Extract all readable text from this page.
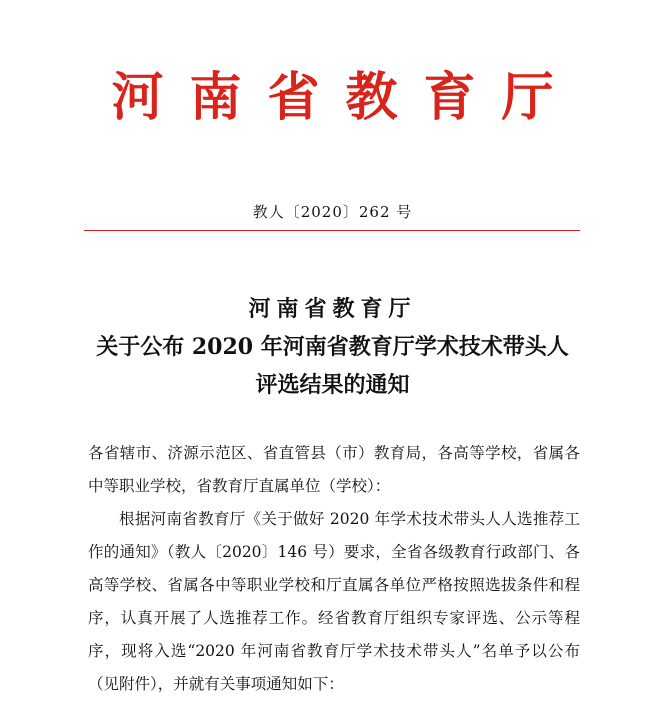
河南省教育厅
教人〔2020〕262 号
河南省教育厅
关于公布 2020 年河南省教育厅学术技术带头人
评选结果的通知

各省辖市、济源示范区、省直管县（市）教育局，各高等学校，省属各中等职业学校，省教育厅直属单位（学校）：

根据河南省教育厅《关于做好 2020 年学术技术带头人人选推荐工作的通知》（教人〔2020〕146 号）要求，全省各级教育行政部门、各高等学校、省属各中等职业学校和厅直属各单位严格按照选拔条件和程序，认真开展了人选推荐工作。经省教育厅组织专家评选、公示等程序，现将入选“2020 年河南省教育厅学术技术带头人”名单予以公布（见附件），并就有关事项通知如下：
